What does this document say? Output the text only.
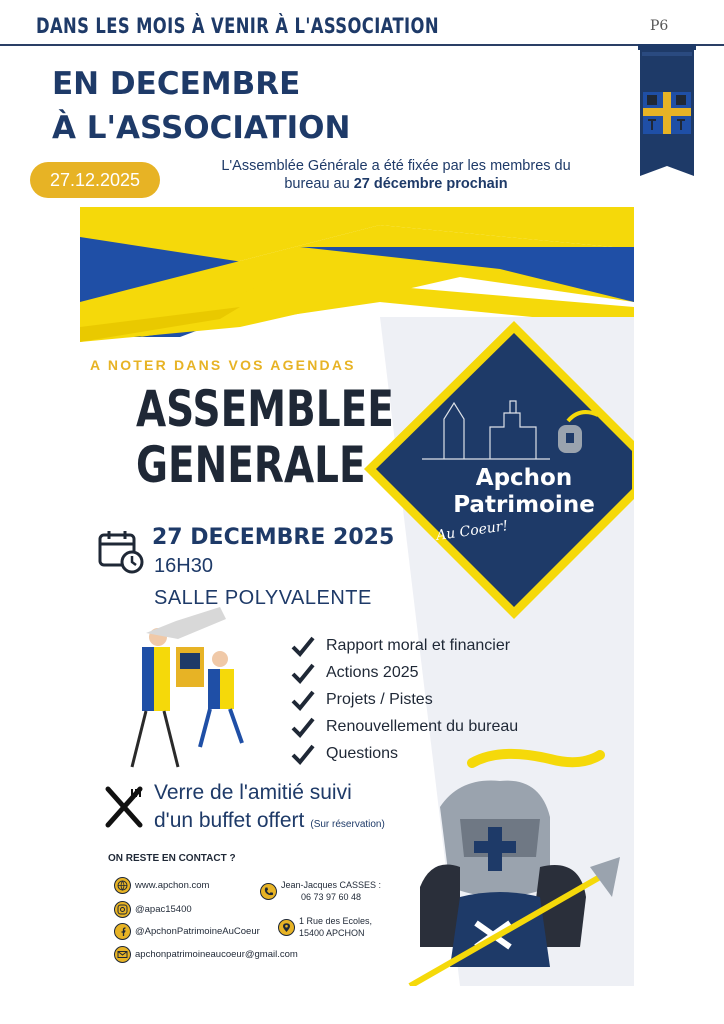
DANS LES MOIS À VENIR À L'ASSOCIATION	P6
EN DECEMBRE
À L'ASSOCIATION
27.12.2025
L'Assemblée Générale a été fixée par les membres du
bureau au 27 décembre prochain
A NOTER DANS VOS AGENDAS
ASSEMBLEE
GENERALE	Apchon
Patrimoine
Au Coeur!
27 DECEMBRE 2025
16H30
SALLE POLYVALENTE
Rapport moral et financier
Actions 2025
Projets / Pistes
Renouvellement du bureau
Questions
Verre de l'amitié suivi
d'un buffet offert (Sur réservation)
ON RESTE EN CONTACT ?
www.apchon.com
@apac15400
@ApchonPatrimoineAuCoeur
apchonpatrimoineaucoeur@gmail.com
Jean-Jacques CASSES :
06 73 97 60 48
1 Rue des Ecoles,
15400 APCHON
